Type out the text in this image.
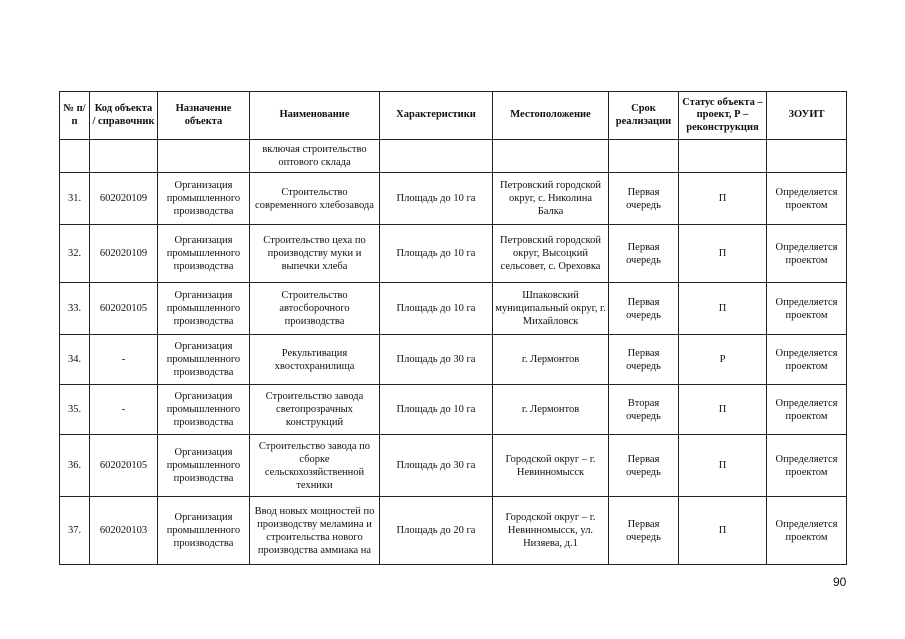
№ п/п	Код объекта / справочник	Назначение объекта	Наименование	Характеристики	Местоположение	Срок реализации	Статус объекта – проект, Р – реконструкция	ЗОУИТ
			включая строительство оптового склада					
31.	602020109	Организация промышленного производства	Строительство современного хлебозавода	Площадь до 10 га	Петровский городской округ, с. Николина Балка	Первая очередь	П	Определяется проектом
32.	602020109	Организация промышленного производства	Строительство цеха по производству муки и выпечки хлеба	Площадь до 10 га	Петровский городской округ, Высоцкий сельсовет, с. Ореховка	Первая очередь	П	Определяется проектом
33.	602020105	Организация промышленного производства	Строительство автосборочного производства	Площадь до 10 га	Шпаковский муниципальный округ, г. Михайловск	Первая очередь	П	Определяется проектом
34.	-	Организация промышленного производства	Рекультивация хвостохранилища	Площадь до 30 га	г. Лермонтов	Первая очередь	Р	Определяется проектом
35.	-	Организация промышленного производства	Строительство завода светопрозрачных конструкций	Площадь до 10 га	г. Лермонтов	Вторая очередь	П	Определяется проектом
36.	602020105	Организация промышленного производства	Строительство завода по сборке сельскохозяйственной техники	Площадь до 30 га	Городской округ – г. Невинномысск	Первая очередь	П	Определяется проектом
37.	602020103	Организация промышленного производства	Ввод новых мощностей по производству меламина и строительства нового производства аммиака на	Площадь до 20 га	Городской округ – г. Невинномысск, ул. Низяева, д.1	Первая очередь	П	Определяется проектом
90
